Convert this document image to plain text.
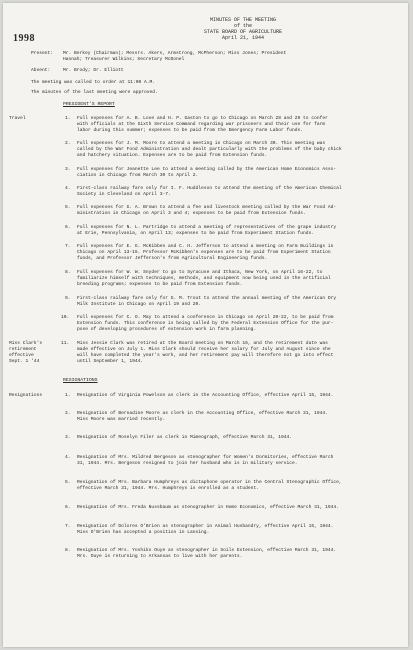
1998
MINUTES OF THE MEETING
of the
STATE BOARD OF AGRICULTURE
April 21, 1944
Present: Mr. Berkey (Chairman); Messrs. Akers, Armstrong, McPherson; Miss Jones; President
Hannah; Treasurer Wilkins; Secretary McDonel
Absent:	Mr. Brody; Dr. Elliott
The meeting was called to order at 11:00 A.M.
The minutes of the last meeting were approved.
PRESIDENT'S REPORT
Travel	1. Full expenses for A. B. Love and H. P. Gaston to go to Chicago on March 28 and 29 to confer
with officials at the Sixth Service Command regarding war prisoners and their use for farm
labor during this summer; expenses to be paid from the Emergency Farm Labor funds.
2. Full expenses for J. M. Moore to attend a meeting in Chicago on March 30. This meeting was
called by the War Food Administration and dealt particularly with the problems of the baby chick
and hatchery situation. Expenses are to be paid from Extension funds.
3. Full expenses for Jeanette Lee to attend a meeting called by the American Home Economics Asso-
ciation in Chicago from March 30 to April 2.
4. First-class railway fare only for I. F. Huddleson to attend the meeting of the American Chemical
Society in Cleveland on April 3-7.
5. Full expenses for G. A. Brown to attend a fee and livestock meeting called by the War Food Ad-
ministration in Chicago on April 3 and 4; expenses to be paid from Extension funds.
6. Full expenses for N. L. Partridge to attend a meeting of representatives of the grape industry
at Erie, Pennsylvania, on April 13; expenses to be paid from Experiment Station funds.
7. Full expenses for E. G. McKibben and C. H. Jefferson to attend a meeting on Farm Buildings in
Chicago on April 13-15. Professor McKibben's expenses are to be paid from Experiment Station
funds, and Professor Jefferson's from Agricultural Engineering funds.
8. Full expenses for W. W. Snyder to go to Syracuse and Ithaca, New York, on April 16-22, to
familiarize himself with techniques, methods, and equipment now being used in the artificial
breeding programs; expenses to be paid from Extension funds.
9. First-class railway fare only for G. M. Trout to attend the annual meeting of the American Dry
Milk Institute in Chicago on April 19 and 20.
10. Full expenses for C. O. May to attend a conference in Chicago on April 20-22, to be paid from
Extension funds. This conference is being called by the Federal Extension Office for the pur-
pose of developing procedures of extension work in farm planning.
11. Miss Jessie Clark was retired at the Board meeting on March 16, and the retirement date was
made effective on July 1. Miss Clark should receive her salary for July and August since she
will have completed the year's work, and her retirement pay will therefore not go into effect
until September 1, 1944.
Miss Clark's
retirement
effective
Sept. 1 '44
RESIGNATIONS
Resignations	1. Resignation of Virginia Powelson as clerk in the Accounting Office, effective April 15, 1944.
2. Resignation of Bernadine Moore as clerk in the Accounting Office, effective March 31, 1944.
Miss Moore was married recently.
3. Resignation of Roselyn Filer as clerk in Mimeograph, effective March 31, 1944.
4. Resignation of Mrs. Mildred Bergeson as stenographer for Women's Dormitories, effective March
31, 1944. Mrs. Bergeson resigned to join her husband who is in military service.
5. Resignation of Mrs. Barbara Humphreys as dictaphone operator in the Central Stenographic Office,
effective March 31, 1944. Mrs. Humphreys is enrolled as a student.
6. Resignation of Mrs. Freda Nussbaum as stenographer in Home Economics, effective March 31, 1944.
7. Resignation of Dolores O'Brien as stenographer in Animal Husbandry, effective April 15, 1944.
Miss O'Brien has accepted a position in Lansing.
8. Resignation of Mrs. Yoshiko Ouye as stenographer in Soils Extension, effective March 31, 1944.
Mrs. Ouye is returning to Arkansas to live with her parents.
